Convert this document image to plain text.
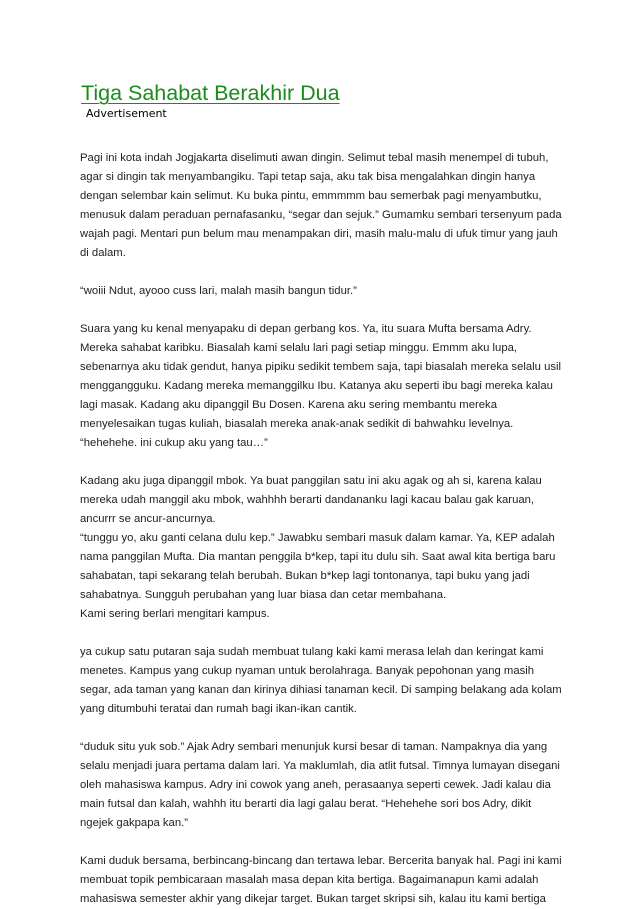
Tiga Sahabat Berakhir Dua
Advertisement

Pagi ini kota indah Jogjakarta diselimuti awan dingin. Selimut tebal masih menempel di tubuh,
agar si dingin tak menyambangiku. Tapi tetap saja, aku tak bisa mengalahkan dingin hanya
dengan selembar kain selimut. Ku buka pintu, emmmmm bau semerbak pagi menyambutku,
menusuk dalam peraduan pernafasanku, “segar dan sejuk.” Gumamku sembari tersenyum pada
wajah pagi. Mentari pun belum mau menampakan diri, masih malu-malu di ufuk timur yang jauh
di dalam.

“woiii Ndut, ayooo cuss lari, malah masih bangun tidur.”

Suara yang ku kenal menyapaku di depan gerbang kos. Ya, itu suara Mufta bersama Adry.
Mereka sahabat karibku. Biasalah kami selalu lari pagi setiap minggu. Emmm aku lupa,
sebenarnya aku tidak gendut, hanya pipiku sedikit tembem saja, tapi biasalah mereka selalu usil
menggangguku. Kadang mereka memanggilku Ibu. Katanya aku seperti ibu bagi mereka kalau
lagi masak. Kadang aku dipanggil Bu Dosen. Karena aku sering membantu mereka
menyelesaikan tugas kuliah, biasalah mereka anak-anak sedikit di bahwahku levelnya.
“hehehehe. ini cukup aku yang tau…”

Kadang aku juga dipanggil mbok. Ya buat panggilan satu ini aku agak og ah si, karena kalau
mereka udah manggil aku mbok, wahhhh berarti dandananku lagi kacau balau gak karuan,
ancurrr se ancur-ancurnya.
“tunggu yo, aku ganti celana dulu kep.” Jawabku sembari masuk dalam kamar. Ya, KEP adalah
nama panggilan Mufta. Dia mantan penggila b*kep, tapi itu dulu sih. Saat awal kita bertiga baru
sahabatan, tapi sekarang telah berubah. Bukan b*kep lagi tontonanya, tapi buku yang jadi
sahabatnya. Sungguh perubahan yang luar biasa dan cetar membahana.
Kami sering berlari mengitari kampus.

ya cukup satu putaran saja sudah membuat tulang kaki kami merasa lelah dan keringat kami
menetes. Kampus yang cukup nyaman untuk berolahraga. Banyak pepohonan yang masih
segar, ada taman yang kanan dan kirinya dihiasi tanaman kecil. Di samping belakang ada kolam
yang ditumbuhi teratai dan rumah bagi ikan-ikan cantik.

“duduk situ yuk sob.” Ajak Adry sembari menunjuk kursi besar di taman. Nampaknya dia yang
selalu menjadi juara pertama dalam lari. Ya maklumlah, dia atlit futsal. Timnya lumayan disegani
oleh mahasiswa kampus. Adry ini cowok yang aneh, perasaanya seperti cewek. Jadi kalau dia
main futsal dan kalah, wahhh itu berarti dia lagi galau berat. “Hehehehe sori bos Adry, dikit
ngejek gakpapa kan.”

Kami duduk bersama, berbincang-bincang dan tertawa lebar. Bercerita banyak hal. Pagi ini kami
membuat topik pembicaraan masalah masa depan kita bertiga. Bagaimanapun kami adalah
mahasiswa semester akhir yang dikejar target. Bukan target skripsi sih, kalau itu kami bertiga
